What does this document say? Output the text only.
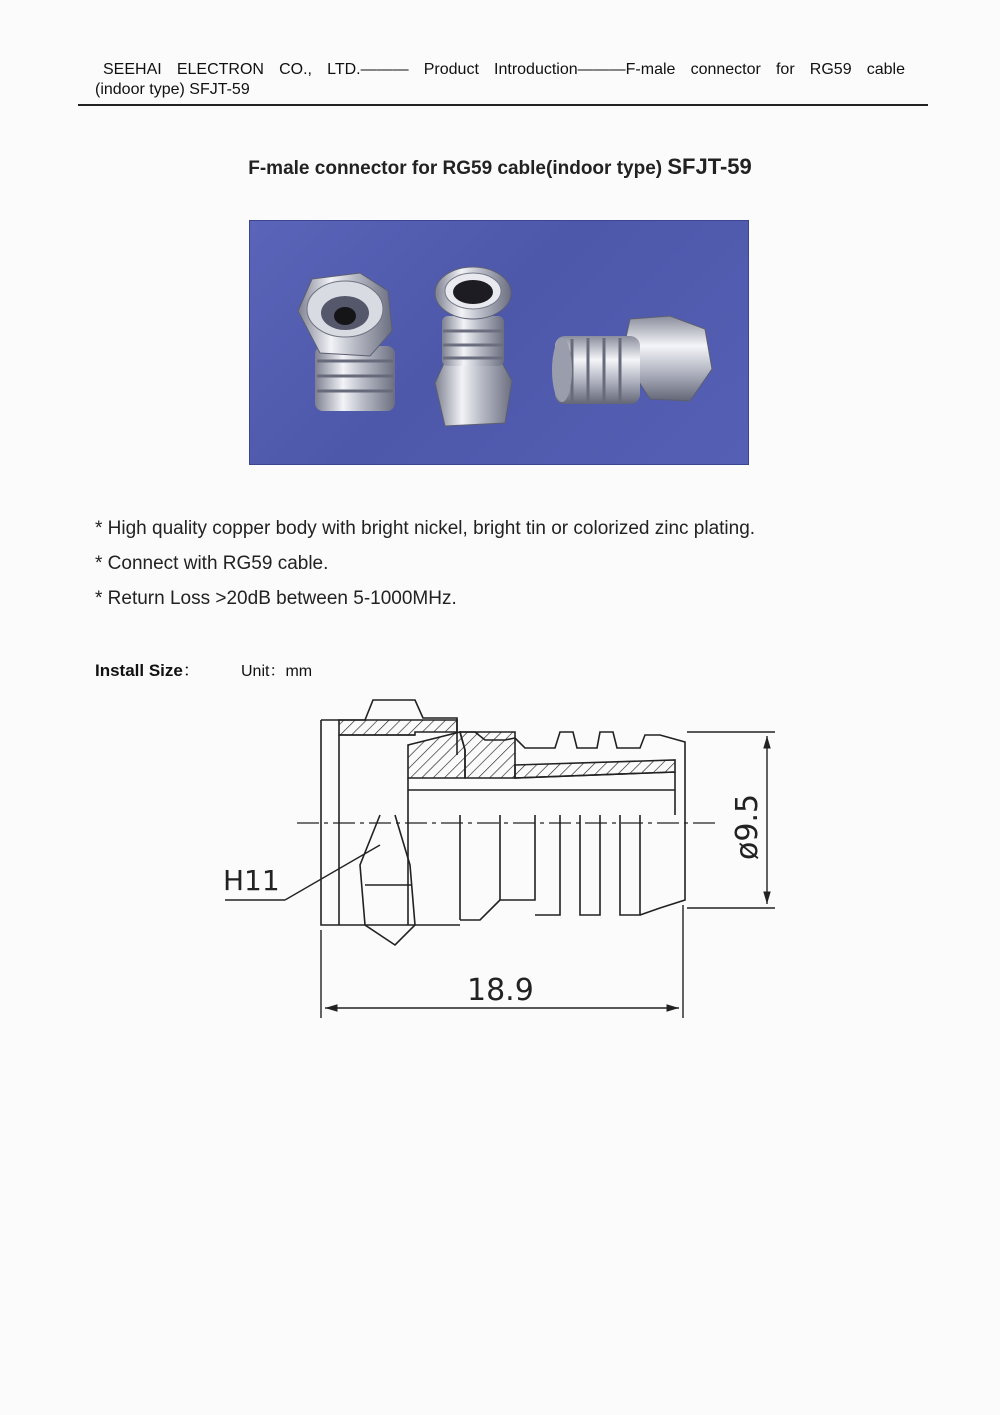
SEEHAI ELECTRON CO., LTD.——— Product Introduction———F-male connector for RG59 cable
(indoor type) SFJT-59
F-male connector for RG59 cable(indoor type) SFJT-59
* High quality copper body with bright nickel, bright tin or colorized zinc plating.
* Connect with RG59 cable.
* Return Loss >20dB between 5-1000MHz.
Install Size：	Unit：mm
H11
ø9.5
18.9
